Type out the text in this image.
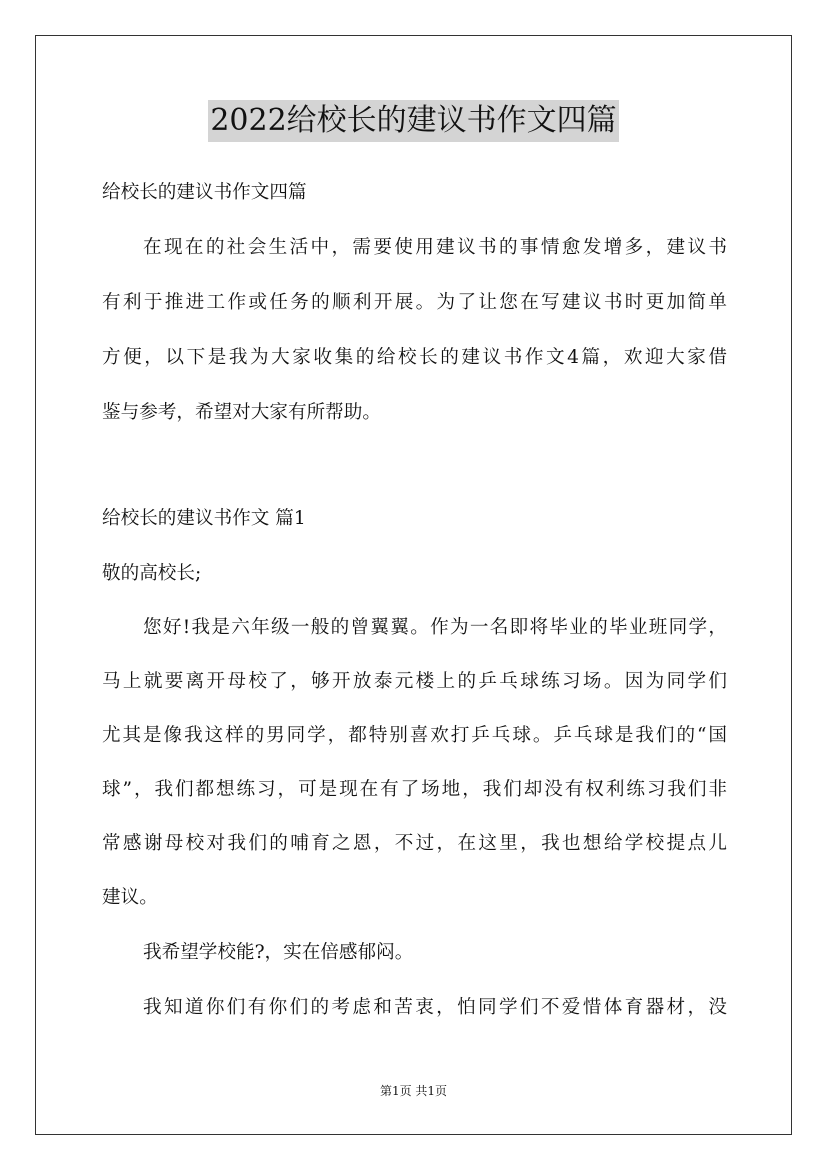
2022给校长的建议书作文四篇
给校长的建议书作文四篇
在现在的社会生活中，需要使用建议书的事情愈发增多，建议书
有利于推进工作或任务的顺利开展。为了让您在写建议书时更加简单
方便，以下是我为大家收集的给校长的建议书作文4篇，欢迎大家借
鉴与参考，希望对大家有所帮助。
给校长的建议书作文 篇1
敬的高校长;
您好!我是六年级一般的曾翼翼。作为一名即将毕业的毕业班同学，
马上就要离开母校了，够开放泰元楼上的乒乓球练习场。因为同学们
尤其是像我这样的男同学，都特别喜欢打乒乓球。乒乓球是我们的“国
球”，我们都想练习，可是现在有了场地，我们却没有权利练习我们非
常感谢母校对我们的哺育之恩，不过，在这里，我也想给学校提点儿
建议。
我希望学校能?，实在倍感郁闷。
我知道你们有你们的考虑和苦衷，怕同学们不爱惜体育器材，没
第1页 共1页
